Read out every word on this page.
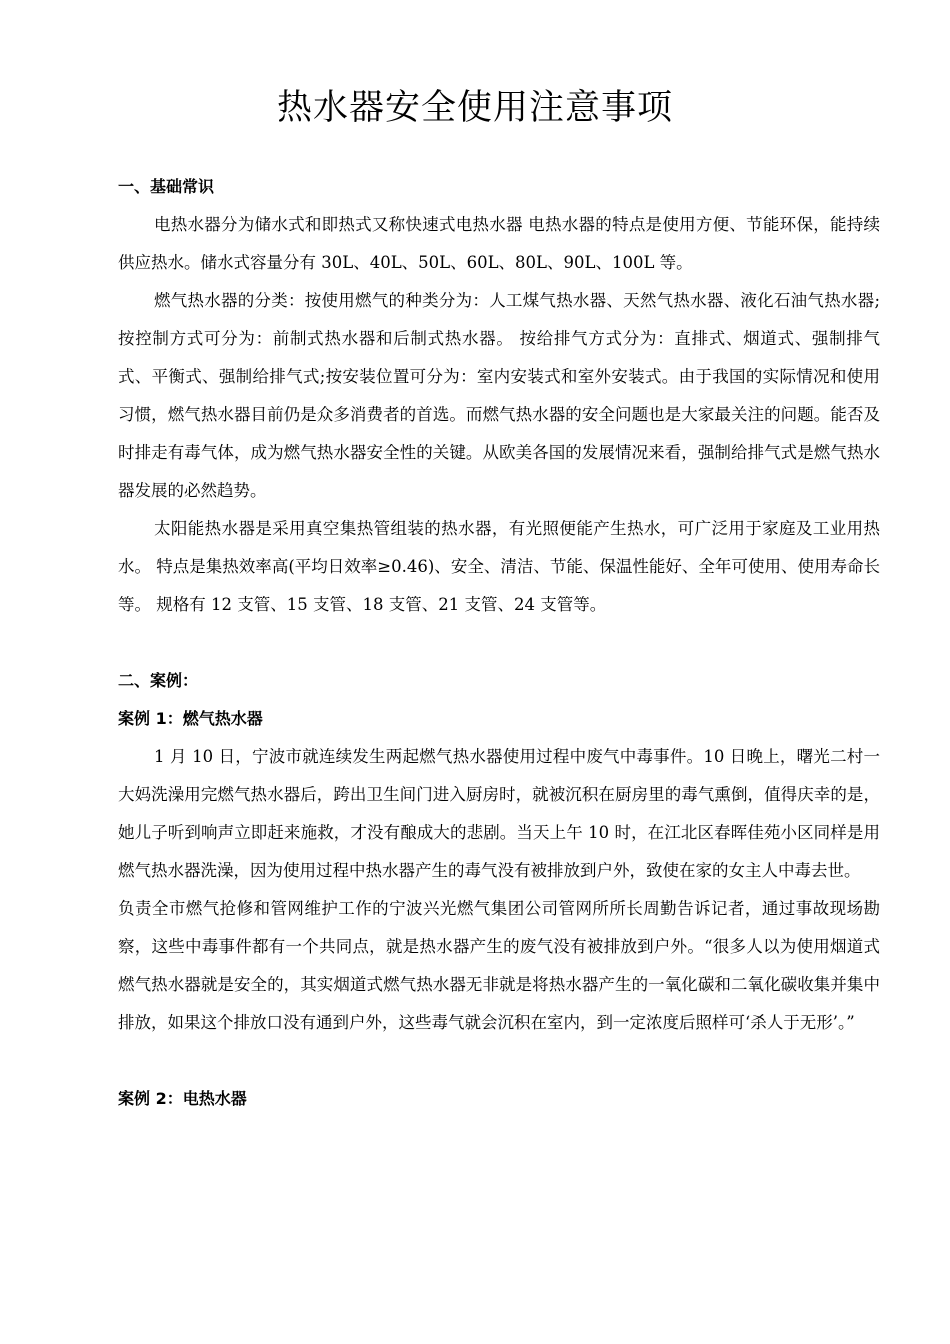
热水器安全使用注意事项
一、基础常识

电热水器分为储水式和即热式又称快速式电热水器 电热水器的特点是使用方便、节能环保，能持续供应热水。储水式容量分有 30L、40L、50L、60L、80L、90L、100L 等。

燃气热水器的分类：按使用燃气的种类分为：人工煤气热水器、天然气热水器、液化石油气热水器;按控制方式可分为：前制式热水器和后制式热水器。 按给排气方式分为：直排式、烟道式、强制排气式、平衡式、强制给排气式;按安装位置可分为：室内安装式和室外安装式。由于我国的实际情况和使用习惯，燃气热水器目前仍是众多消费者的首选。而燃气热水器的安全问题也是大家最关注的问题。能否及时排走有毒气体，成为燃气热水器安全性的关键。从欧美各国的发展情况来看，强制给排气式是燃气热水器发展的必然趋势。

太阳能热水器是采用真空集热管组装的热水器，有光照便能产生热水，可广泛用于家庭及工业用热水。 特点是集热效率高(平均日效率≥0.46)、安全、清洁、节能、保温性能好、全年可使用、使用寿命长等。 规格有 12 支管、15 支管、18 支管、21 支管、24 支管等。

二、案例：
案例 1：燃气热水器

1 月 10 日，宁波市就连续发生两起燃气热水器使用过程中废气中毒事件。10 日晚上，曙光二村一大妈洗澡用完燃气热水器后，跨出卫生间门进入厨房时，就被沉积在厨房里的毒气熏倒，值得庆幸的是，她儿子听到响声立即赶来施救，才没有酿成大的悲剧。当天上午 10 时，在江北区春晖佳苑小区同样是用燃气热水器洗澡，因为使用过程中热水器产生的毒气没有被排放到户外，致使在家的女主人中毒去世。

负责全市燃气抢修和管网维护工作的宁波兴光燃气集团公司管网所所长周勤告诉记者，通过事故现场勘察，这些中毒事件都有一个共同点，就是热水器产生的废气没有被排放到户外。“很多人以为使用烟道式燃气热水器就是安全的，其实烟道式燃气热水器无非就是将热水器产生的一氧化碳和二氧化碳收集并集中排放，如果这个排放口没有通到户外，这些毒气就会沉积在室内，到一定浓度后照样可‘杀人于无形’。”

案例 2：电热水器
